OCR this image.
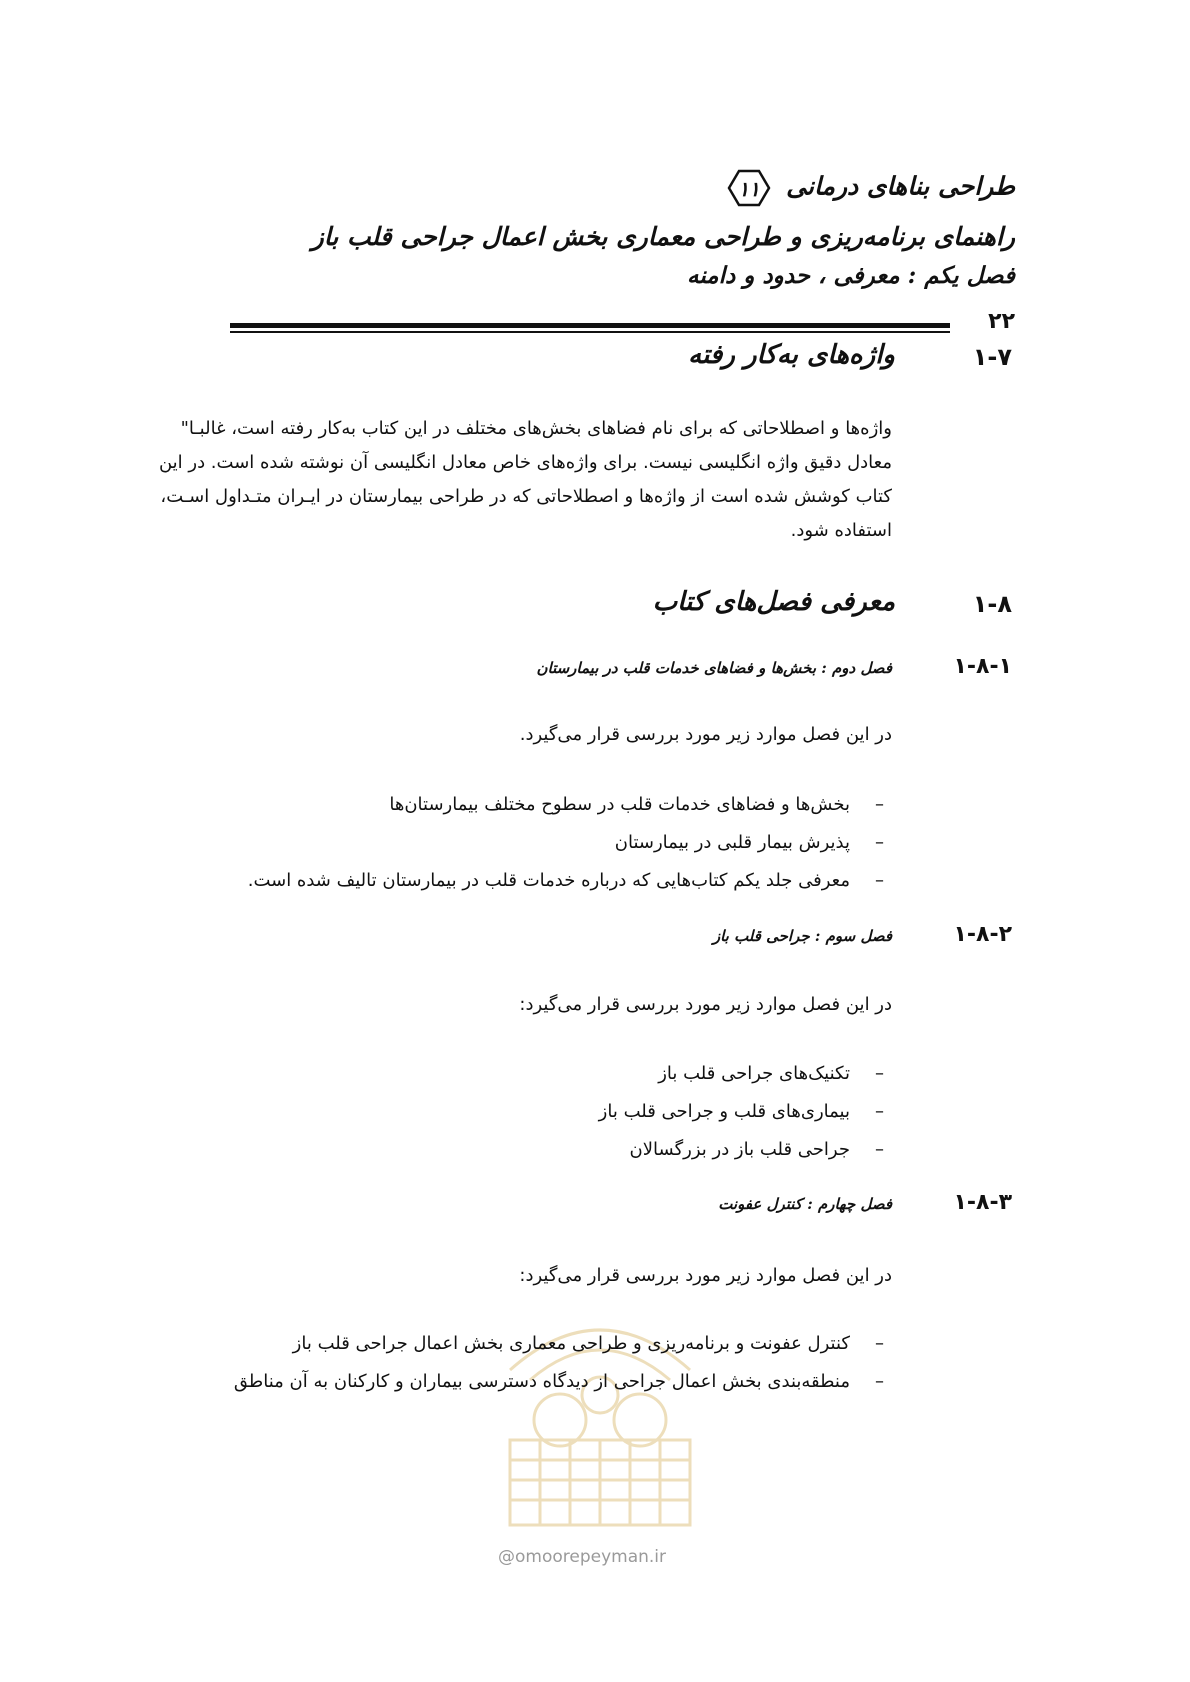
طراحی بناهای درمانی
۱۱
راهنمای برنامه‌ریزی و طراحی معماری بخش اعمال جراحی قلب باز
فصل یکم : معرفی ، حدود و دامنه
۲۲
۱-۷
واژه‌های به‌کار رفته
واژه‌ها و اصطلاحاتی که برای نام فضاهای بخش‌های مختلف در این کتاب به‌کار رفته است، غالبـا"
معادل دقیق واژه انگلیسی نیست. برای واژه‌های خاص معادل انگلیسی آن نوشته شده است. در این
کتاب کوشش شده است از واژه‌ها و اصطلاحاتی که در طراحی بیمارستان در ایـران متـداول اسـت،
استفاده شود.
۱-۸
معرفی فصل‌های کتاب
۱-۸-۱
فصل دوم : بخش‌ها و فضاهای خدمات قلب در بیمارستان
در این فصل موارد زیر مورد بررسی قرار می‌گیرد.
–
بخش‌ها و فضاهای خدمات قلب در سطوح مختلف بیمارستان‌ها
–
پذیرش بیمار قلبی در بیمارستان
–
معرفی جلد یکم کتاب‌هایی که درباره خدمات قلب در بیمارستان تالیف شده است.
۱-۸-۲
فصل سوم : جراحی قلب باز
در این فصل موارد زیر مورد بررسی قرار می‌گیرد:
–
تکنیک‌های جراحی قلب باز
–
بیماری‌های قلب و جراحی قلب باز
–
جراحی قلب باز در بزرگسالان
۱-۸-۳
فصل چهارم : کنترل عفونت
در این فصل موارد زیر مورد بررسی قرار می‌گیرد:
–
کنترل عفونت و برنامه‌ریزی و طراحی معماری بخش اعمال جراحی قلب باز
–
منطقه‌بندی بخش اعمال جراحی از دیدگاه دسترسی بیماران و کارکنان به آن مناطق
@omoorepeyman.ir
